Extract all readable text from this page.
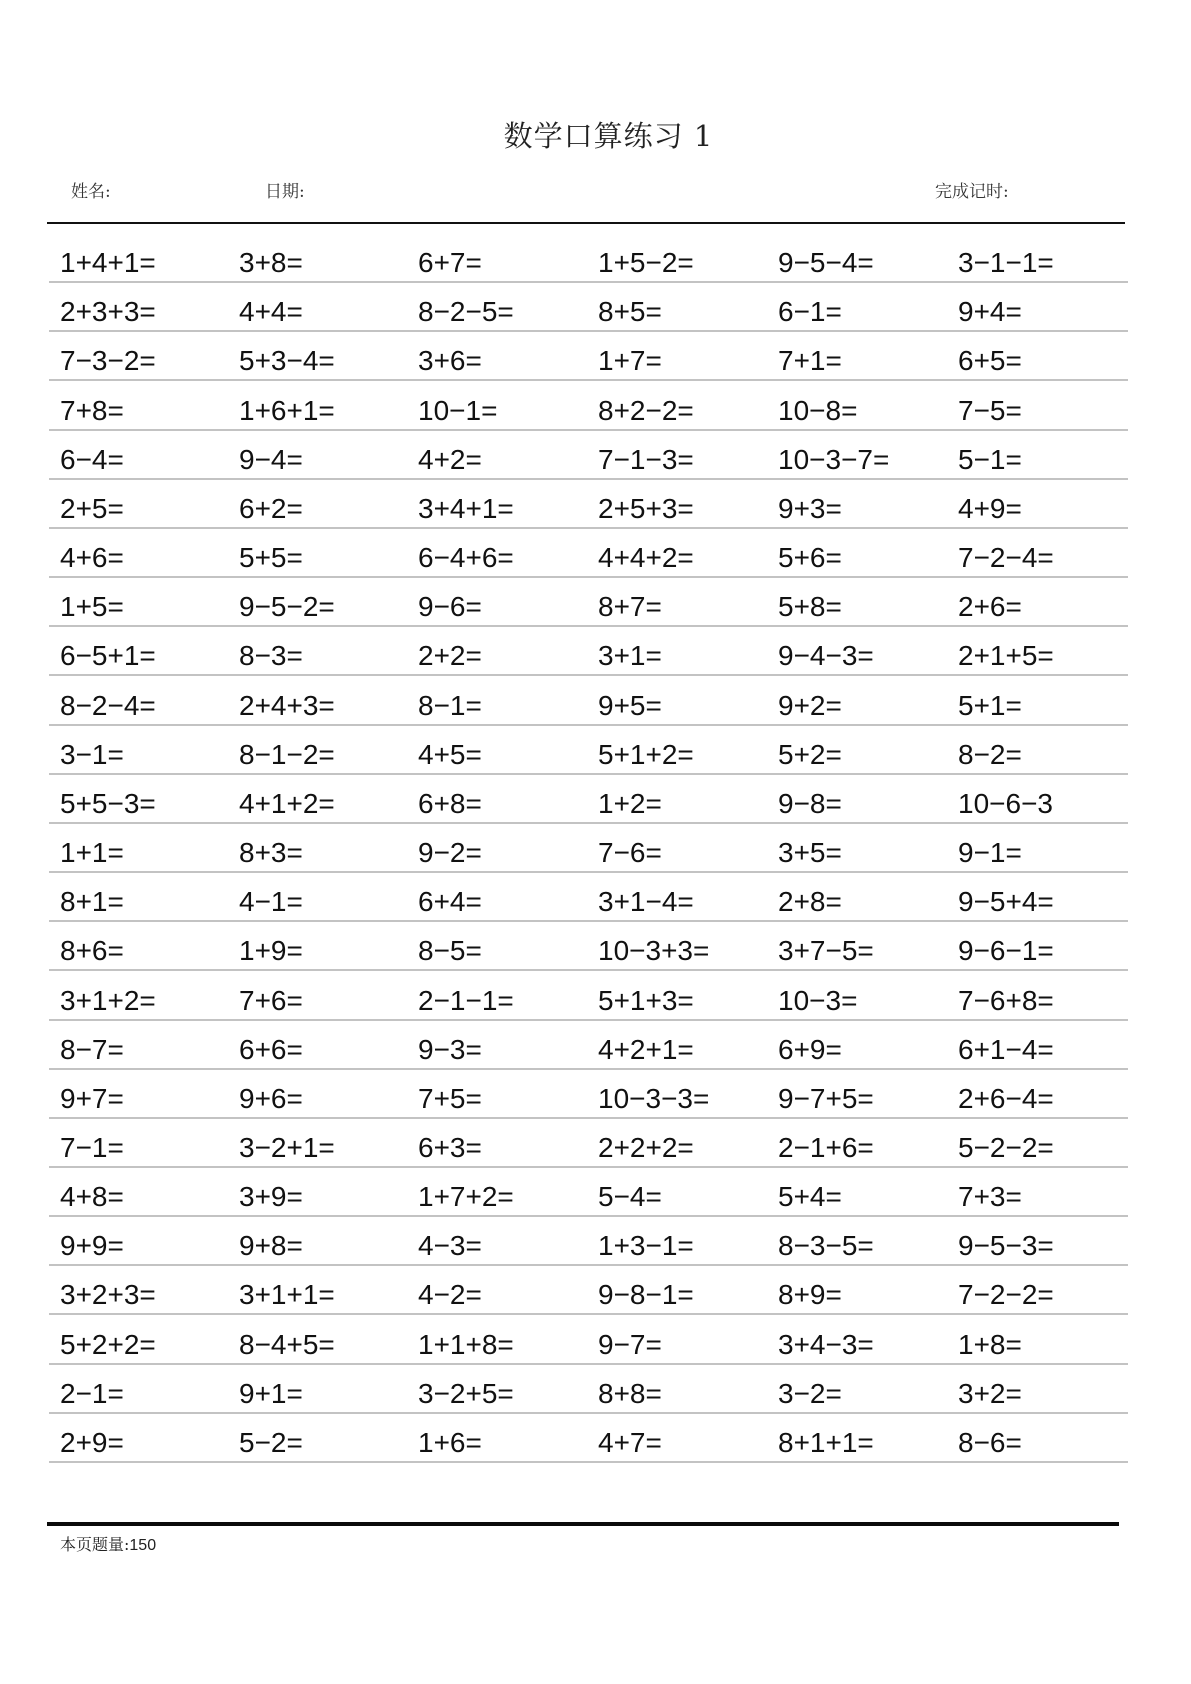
数学口算练习 1
姓名:	日期:	完成记时:
1+4+1=	3+8=	6+7=	1+5−2=	9−5−4=	3−1−1=
2+3+3=	4+4=	8−2−5=	8+5=	6−1=	9+4=
7−3−2=	5+3−4=	3+6=	1+7=	7+1=	6+5=
7+8=	1+6+1=	10−1=	8+2−2=	10−8=	7−5=
6−4=	9−4=	4+2=	7−1−3=	10−3−7= 5−1=
2+5=	6+2=	3+4+1=	2+5+3=	9+3=	4+9=
4+6=	5+5=	6−4+6=	4+4+2=	5+6=	7−2−4=
1+5=	9−5−2=	9−6=	8+7=	5+8=	2+6=
6−5+1=	8−3=	2+2=	3+1=	9−4−3=	2+1+5=
8−2−4=	2+4+3=	8−1=	9+5=	9+2=	5+1=
3−1=	8−1−2=	4+5=	5+1+2=	5+2=	8−2=
5+5−3=	4+1+2=	6+8=	1+2=	9−8=	10−6−3
1+1=	8+3=	9−2=	7−6=	3+5=	9−1=
8+1=	4−1=	6+4=	3+1−4=	2+8=	9−5+4=
8+6=	1+9=	8−5=	10−3+3= 3+7−5=	9−6−1=
3+1+2=	7+6=	2−1−1=	5+1+3=	10−3=	7−6+8=
8−7=	6+6=	9−3=	4+2+1=	6+9=	6+1−4=
9+7=	9+6=	7+5=	10−3−3= 9−7+5=	2+6−4=
7−1=	3−2+1=	6+3=	2+2+2=	2−1+6=	5−2−2=
4+8=	3+9=	1+7+2=	5−4=	5+4=	7+3=
9+9=	9+8=	4−3=	1+3−1=	8−3−5=	9−5−3=
3+2+3=	3+1+1=	4−2=	9−8−1=	8+9=	7−2−2=
5+2+2=	8−4+5=	1+1+8=	9−7=	3+4−3=	1+8=
2−1=	9+1=	3−2+5=	8+8=	3−2=	3+2=
2+9=	5−2=	1+6=	4+7=	8+1+1=	8−6=
本页题量:150
